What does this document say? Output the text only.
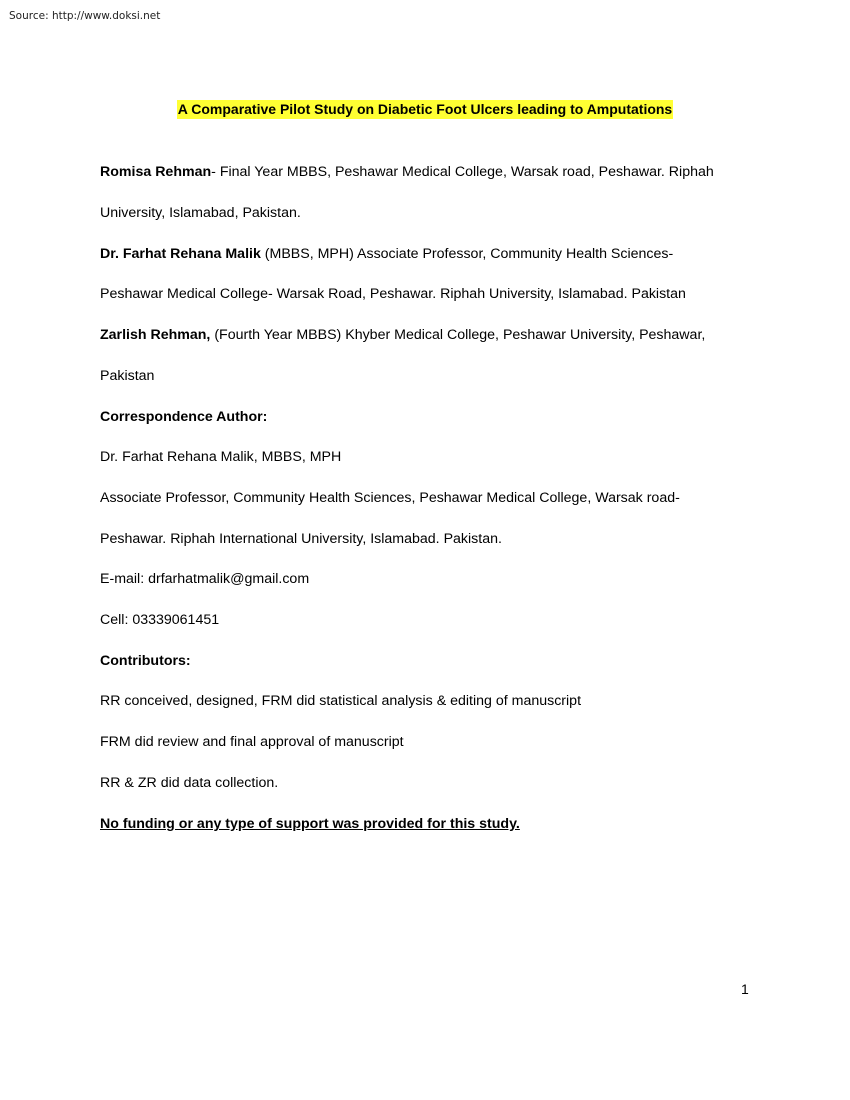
Source: http://www.doksi.net
A Comparative Pilot Study on Diabetic Foot Ulcers leading to Amputations
Romisa Rehman- Final Year MBBS, Peshawar Medical College, Warsak road, Peshawar. Riphah
University, Islamabad, Pakistan.
Dr. Farhat Rehana Malik (MBBS, MPH) Associate Professor, Community Health Sciences-
Peshawar Medical College- Warsak Road, Peshawar. Riphah University, Islamabad. Pakistan
Zarlish Rehman, (Fourth Year MBBS) Khyber Medical College, Peshawar University, Peshawar,
Pakistan
Correspondence Author:
Dr. Farhat Rehana Malik, MBBS, MPH
Associate Professor, Community Health Sciences, Peshawar Medical College, Warsak road-
Peshawar. Riphah International University, Islamabad. Pakistan.
E-mail: drfarhatmalik@gmail.com
Cell: 03339061451
Contributors:
RR conceived, designed, FRM did statistical analysis & editing of manuscript
FRM did review and final approval of manuscript
RR & ZR did data collection.
No funding or any type of support was provided for this study.
1
